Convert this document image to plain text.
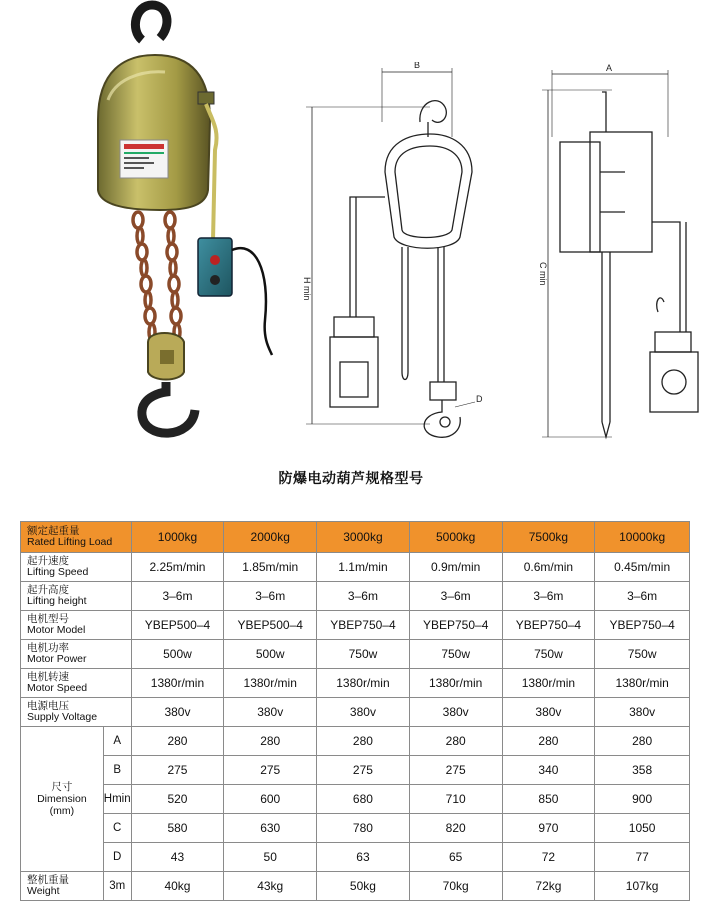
B
H min
D
A
C min
防爆电动葫芦规格型号
额定起重量
Rated Lifting Load		1000kg	2000kg	3000kg	5000kg	7500kg	10000kg

起升速度
Lifting Speed		2.25m/min	1.85m/min	1.1m/min	0.9m/min	0.6m/min	0.45m/min

起升高度
Lifting height		3–6m	3–6m	3–6m	3–6m	3–6m	3–6m

电机型号
Motor Model		YBEP500–4	YBEP500–4	YBEP750–4	YBEP750–4	YBEP750–4	YBEP750–4

电机功率
Motor Power		500w	500w	750w	750w	750w	750w

电机转速
Motor Speed		1380r/min	1380r/min	1380r/min	1380r/min	1380r/min	1380r/min

电源电压
Supply Voltage		380v	380v	380v	380v	380v	380v

尺寸
Dimension
(mm)	A	280	280	280	280	280	280
	B	275	275	275	275	340	358
	Hmin	520	600	680	710	850	900
	C	580	630	780	820	970	1050
	D	43	50	63	65	72	77

整机重量
Weight	3m	40kg	43kg	50kg	70kg	72kg	107kg
